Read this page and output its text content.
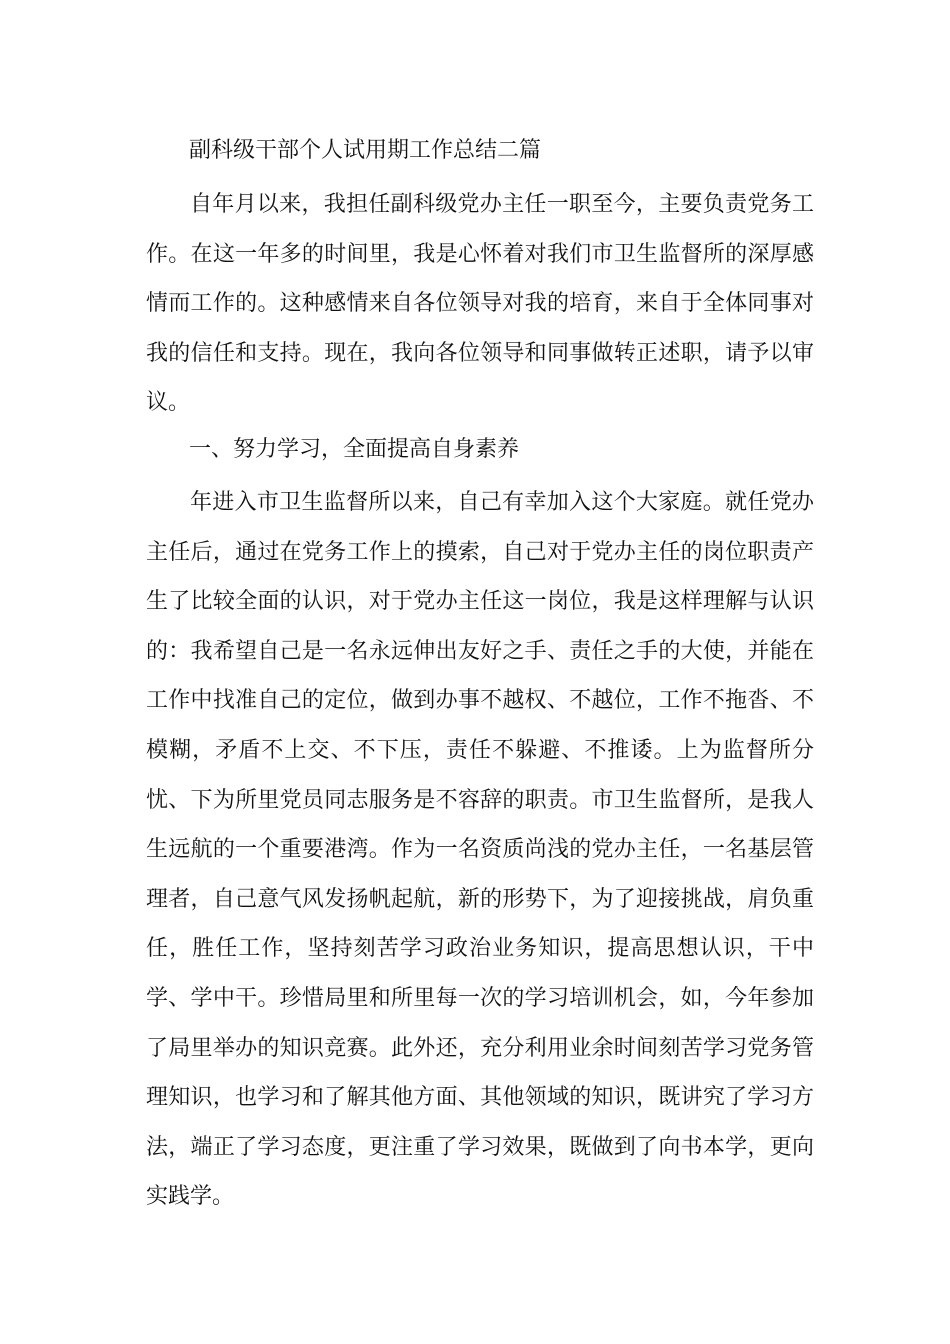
副科级干部个人试用期工作总结二篇

自年月以来，我担任副科级党办主任一职至今，主要负责党务工作。在这一年多的时间里，我是心怀着对我们市卫生监督所的深厚感情而工作的。这种感情来自各位领导对我的培育，来自于全体同事对我的信任和支持。现在，我向各位领导和同事做转正述职，请予以审议。

一、努力学习，全面提高自身素养

年进入市卫生监督所以来，自己有幸加入这个大家庭。就任党办主任后，通过在党务工作上的摸索，自己对于党办主任的岗位职责产生了比较全面的认识，对于党办主任这一岗位，我是这样理解与认识的：我希望自己是一名永远伸出友好之手、责任之手的大使，并能在工作中找准自己的定位，做到办事不越权、不越位，工作不拖沓、不模糊，矛盾不上交、不下压，责任不躲避、不推诿。上为监督所分忧、下为所里党员同志服务是不容辞的职责。市卫生监督所，是我人生远航的一个重要港湾。作为一名资质尚浅的党办主任，一名基层管理者，自己意气风发扬帆起航，新的形势下，为了迎接挑战，肩负重任，胜任工作，坚持刻苦学习政治业务知识，提高思想认识，干中学、学中干。珍惜局里和所里每一次的学习培训机会，如，今年参加了局里举办的知识竞赛。此外还，充分利用业余时间刻苦学习党务管理知识，也学习和了解其他方面、其他领域的知识，既讲究了学习方法，端正了学习态度，更注重了学习效果，既做到了向书本学，更向实践学。
